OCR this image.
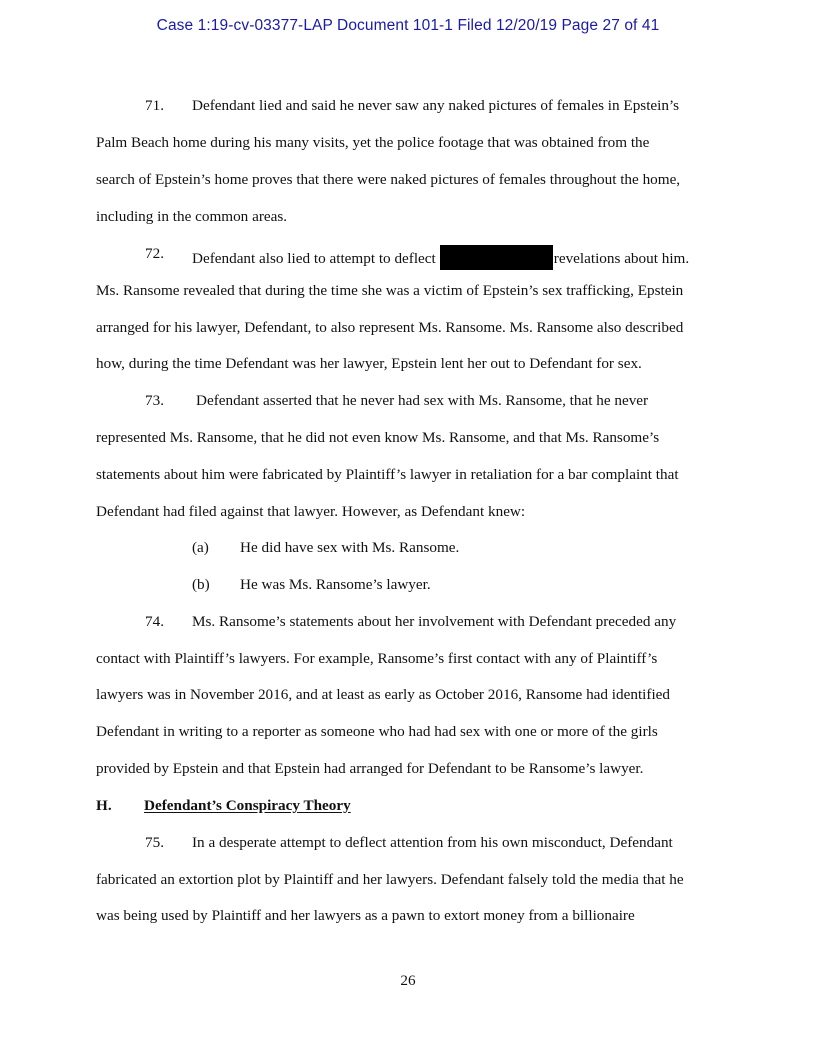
Case 1:19-cv-03377-LAP Document 101-1 Filed 12/20/19 Page 27 of 41
71. Defendant lied and said he never saw any naked pictures of females in Epstein’s
Palm Beach home during his many visits, yet the police footage that was obtained from the
search of Epstein’s home proves that there were naked pictures of females throughout the home,
including in the common areas.
72. Defendant also lied to attempt to deflect	revelations about him.
Ms. Ransome revealed that during the time she was a victim of Epstein’s sex trafficking, Epstein
arranged for his lawyer, Defendant, to also represent Ms. Ransome. Ms. Ransome also described
how, during the time Defendant was her lawyer, Epstein lent her out to Defendant for sex.
73. Defendant asserted that he never had sex with Ms. Ransome, that he never
represented Ms. Ransome, that he did not even know Ms. Ransome, and that Ms. Ransome’s
statements about him were fabricated by Plaintiff’s lawyer in retaliation for a bar complaint that
Defendant had filed against that lawyer. However, as Defendant knew:
(a) He did have sex with Ms. Ransome.
(b) He was Ms. Ransome’s lawyer.
74. Ms. Ransome’s statements about her involvement with Defendant preceded any
contact with Plaintiff’s lawyers. For example, Ransome’s first contact with any of Plaintiff’s
lawyers was in November 2016, and at least as early as October 2016, Ransome had identified
Defendant in writing to a reporter as someone who had had sex with one or more of the girls
provided by Epstein and that Epstein had arranged for Defendant to be Ransome’s lawyer.
H. Defendant’s Conspiracy Theory
75. In a desperate attempt to deflect attention from his own misconduct, Defendant
fabricated an extortion plot by Plaintiff and her lawyers. Defendant falsely told the media that he
was being used by Plaintiff and her lawyers as a pawn to extort money from a billionaire
26
